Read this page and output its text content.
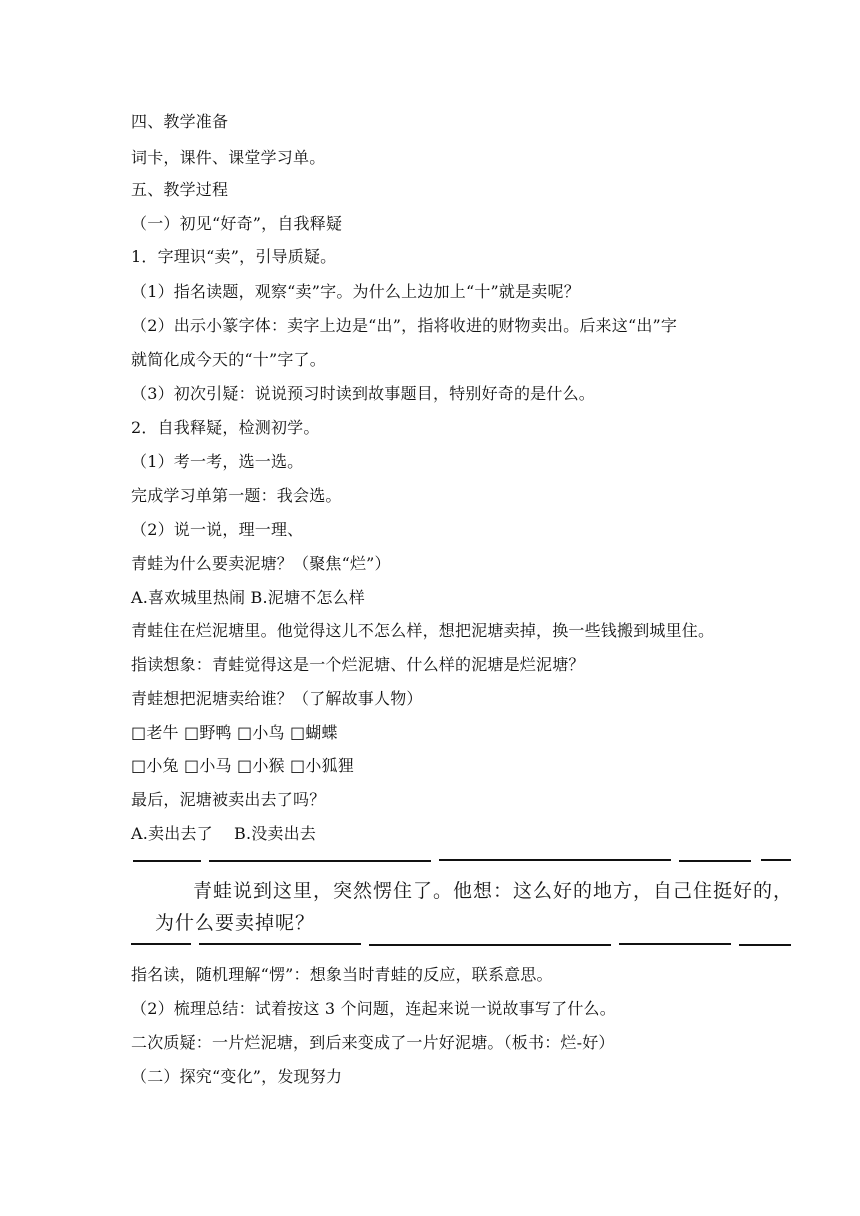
四、教学准备
词卡，课件、课堂学习单。
五、教学过程
（一）初见“好奇”，自我释疑
1．字理识“卖”，引导质疑。
（1）指名读题，观察“卖”字。为什么上边加上“十”就是卖呢？
（2）出示小篆字体：卖字上边是“出”，指将收进的财物卖出。后来这“出”字
就简化成今天的“十”字了。
（3）初次引疑：说说预习时读到故事题目，特别好奇的是什么。
2．自我释疑，检测初学。
（1）考一考，选一选。
完成学习单第一题：我会选。
（2）说一说，理一理、
青蛙为什么要卖泥塘？（聚焦“烂”）
A.喜欢城里热闹 B.泥塘不怎么样
青蛙住在烂泥塘里。他觉得这儿不怎么样，想把泥塘卖掉，换一些钱搬到城里住。
指读想象：青蛙觉得这是一个烂泥塘、什么样的泥塘是烂泥塘？
青蛙想把泥塘卖给谁？（了解故事人物）
□老牛 □野鸭 □小鸟 □蝴蝶
□小兔 □小马 □小猴 □小狐狸
最后，泥塘被卖出去了吗？
A.卖出去了    B.没卖出去
青蛙说到这里，突然愣住了。他想：这么好的地方，自己住挺好的，
为什么要卖掉呢？
指名读，随机理解“愣”：想象当时青蛙的反应，联系意思。
（2）梳理总结：试着按这 3 个问题，连起来说一说故事写了什么。
二次质疑：一片烂泥塘，到后来变成了一片好泥塘。（板书：烂-好）
（二）探究“变化”，发现努力
